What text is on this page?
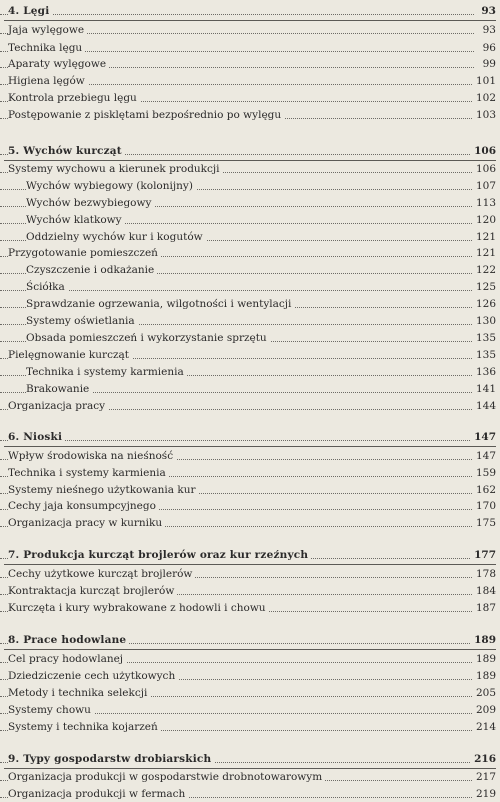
4. Lęgi	93
Jaja wylęgowe	93
Technika lęgu	96
Aparaty wylęgowe	99
Higiena lęgów	101
Kontrola przebiegu lęgu	102
Postępowanie z pisklętami bezpośrednio po wylęgu	103
5. Wychów kurcząt	106
Systemy wychowu a kierunek produkcji	106
Wychów wybiegowy (kolonijny)	107
Wychów bezwybiegowy	113
Wychów klatkowy	120
Oddzielny wychów kur i kogutów	121
Przygotowanie pomieszczeń	121
Czyszczenie i odkażanie	122
Ściółka	125
Sprawdzanie ogrzewania, wilgotności i wentylacji	126
Systemy oświetlania	130
Obsada pomieszczeń i wykorzystanie sprzętu	135
Pielęgnowanie kurcząt	135
Technika i systemy karmienia	136
Brakowanie	141
Organizacja pracy	144
6. Nioski	147
Wpływ środowiska na nieśność	147
Technika i systemy karmienia	159
Systemy nieśnego użytkowania kur	162
Cechy jaja konsumpcyjnego	170
Organizacja pracy w kurniku	175
7. Produkcja kurcząt brojlerów oraz kur rzeźnych	177
Cechy użytkowe kurcząt brojlerów	178
Kontraktacja kurcząt brojlerów	184
Kurczęta i kury wybrakowane z hodowli i chowu	187
8. Prace hodowlane	189
Cel pracy hodowlanej	189
Dziedziczenie cech użytkowych	189
Metody i technika selekcji	205
Systemy chowu	209
Systemy i technika kojarzeń	214
9. Typy gospodarstw drobiarskich	216
Organizacja produkcji w gospodarstwie drobnotowarowym	217
Organizacja produkcji w fermach	219
